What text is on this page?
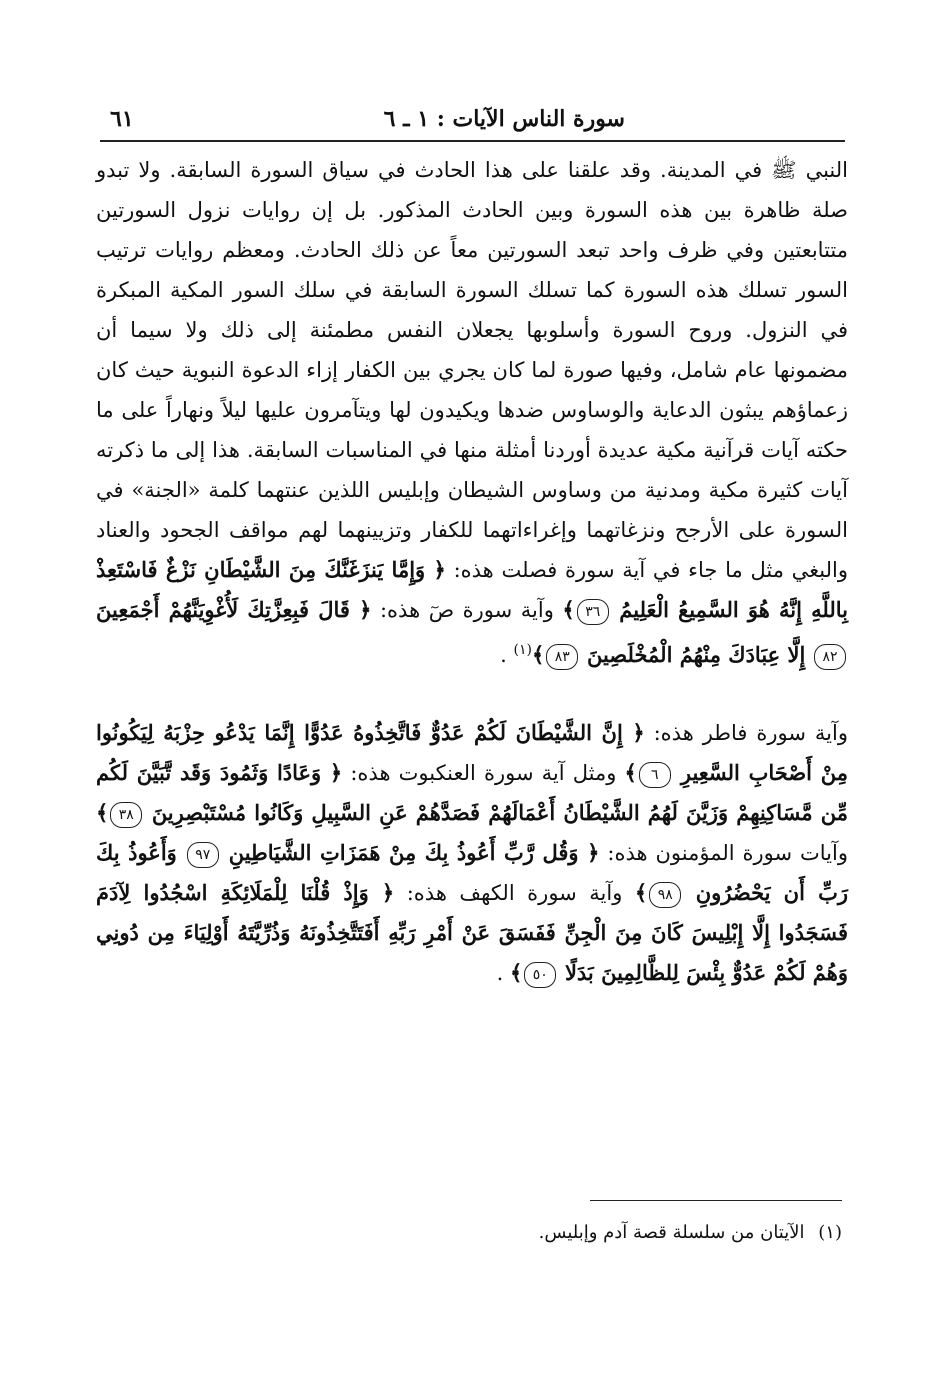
سورة الناس الآيات : ١ ـ ٦
٦١

النبي ﷺ في المدينة. وقد علقنا على هذا الحادث في سياق السورة السابقة. ولا تبدو صلة ظاهرة بين هذه السورة وبين الحادث المذكور. بل إن روايات نزول السورتين متتابعتين وفي ظرف واحد تبعد السورتين معاً عن ذلك الحادث. ومعظم روايات ترتيب السور تسلك هذه السورة كما تسلك السورة السابقة في سلك السور المكية المبكرة في النزول. وروح السورة وأسلوبها يجعلان النفس مطمئنة إلى ذلك ولا سيما أن مضمونها عام شامل، وفيها صورة لما كان يجري بين الكفار إزاء الدعوة النبوية حيث كان زعماؤهم يبثون الدعاية والوساوس ضدها ويكيدون لها ويتآمرون عليها ليلاً ونهاراً على ما حكته آيات قرآنية مكية عديدة أوردنا أمثلة منها في المناسبات السابقة. هذا إلى ما ذكرته آيات كثيرة مكية ومدنية من وساوس الشيطان وإبليس اللذين عنتهما كلمة «الجنة» في السورة على الأرجح ونزغاتهما وإغراءاتهما للكفار وتزيينهما لهم مواقف الجحود والعناد والبغي مثل ما جاء في آية سورة فصلت هذه: ﴿ وَإِمَّا يَنزَغَنَّكَ مِنَ الشَّيْطَانِ نَزْغٌ فَاسْتَعِذْ بِاللَّهِ إِنَّهُ هُوَ السَّمِيعُ الْعَلِيمُ ٣٦﴾ وآية سورة صٓ هذه: ﴿ قَالَ فَبِعِزَّتِكَ لَأُغْوِيَنَّهُمْ أَجْمَعِينَ ٨٢ إِلَّا عِبَادَكَ مِنْهُمُ الْمُخْلَصِينَ ٨٣﴾$^{(١)}$ .

وآية سورة فاطر هذه: ﴿ إِنَّ الشَّيْطَانَ لَكُمْ عَدُوٌّ فَاتَّخِذُوهُ عَدُوًّا إِنَّمَا يَدْعُو حِزْبَهُ لِيَكُونُوا مِنْ أَصْحَابِ السَّعِيرِ ٦﴾ ومثل آية سورة العنكبوت هذه: ﴿ وَعَادًا وَثَمُودَ وَقَد تَّبَيَّنَ لَكُم مِّن مَّسَاكِنِهِمْ وَزَيَّنَ لَهُمُ الشَّيْطَانُ أَعْمَالَهُمْ فَصَدَّهُمْ عَنِ السَّبِيلِ وَكَانُوا مُسْتَبْصِرِينَ ٣٨﴾ وآيات سورة المؤمنون هذه: ﴿ وَقُل رَّبِّ أَعُوذُ بِكَ مِنْ هَمَزَاتِ الشَّيَاطِينِ ٩٧ وَأَعُوذُ بِكَ رَبِّ أَن يَحْضُرُونِ ٩٨﴾ وآية سورة الكهف هذه: ﴿ وَإِذْ قُلْنَا لِلْمَلَائِكَةِ اسْجُدُوا لِآدَمَ فَسَجَدُوا إِلَّا إِبْلِيسَ كَانَ مِنَ الْجِنِّ فَفَسَقَ عَنْ أَمْرِ رَبِّهِ أَفَتَتَّخِذُونَهُ وَذُرِّيَّتَهُ أَوْلِيَاءَ مِن دُونِي وَهُمْ لَكُمْ عَدُوٌّ بِئْسَ لِلظَّالِمِينَ بَدَلًا ٥٠﴾ .

(١) الآيتان من سلسلة قصة آدم وإبليس.
